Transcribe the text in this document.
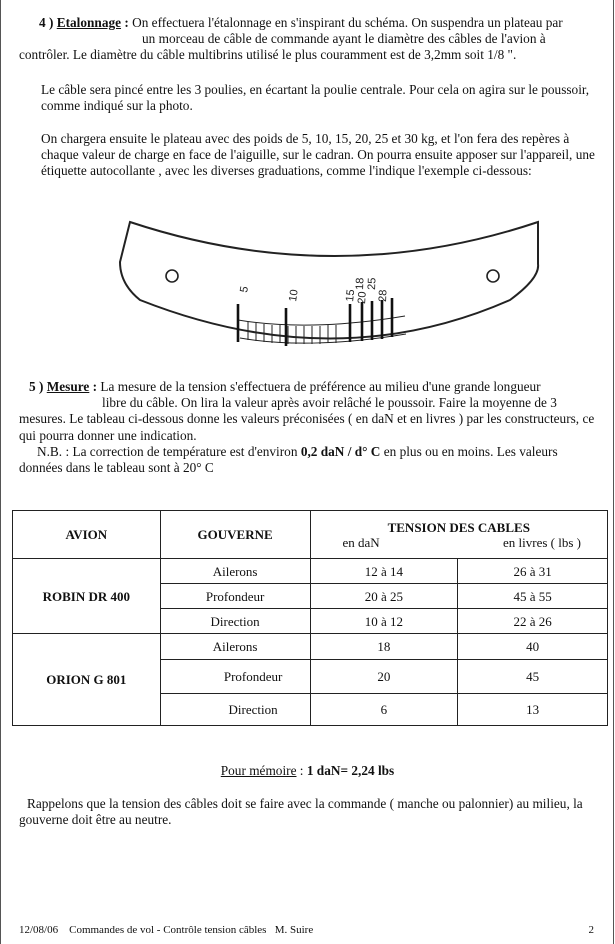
4 ) Etalonnage : On effectuera l'étalonnage en s'inspirant du schéma. On suspendra un plateau par
un morceau de câble de commande ayant le diamètre des câbles de l'avion à
contrôler. Le diamètre du câble multibrins utilisé le plus couramment est de 3,2mm soit 1/8 ".
Le câble sera pincé entre les 3 poulies, en écartant la poulie centrale. Pour cela on agira sur le poussoir, comme indiqué sur la photo.
On chargera ensuite le plateau avec des poids de 5, 10, 15, 20, 25 et 30 kg, et l'on fera des repères à chaque valeur de charge en face de l'aiguille, sur le cadran. On pourra ensuite apposer sur l'appareil, une étiquette autocollante , avec les diverses graduations, comme l'indique l'exemple ci-dessous:
5	10	15
20
18 25
28
5 ) Mesure : La mesure de la tension s'effectuera de préférence au milieu d'une grande longueur
libre du câble. On lira la valeur après avoir relâché le poussoir. Faire la moyenne de 3
mesures. Le tableau ci-dessous donne les valeurs préconisées ( en daN et en livres ) par les constructeurs, ce qui pourra donner une indication.
N.B. : La correction de température est d'environ 0,2 daN / d° C en plus ou en moins. Les valeurs données dans le tableau sont à 20° C
AVION	GOUVERNE	TENSION DES CABLES
en daN en livres ( lbs )	

ROBIN DR 400	Ailerons	12 à 14	26 à 31
	Profondeur	20 à 25	45 à 55
	Direction	10 à 12	22 à 26
ORION G 801	Ailerons	18	40
	Profondeur	20	45
	Direction	6	13
Pour mémoire : 1 daN= 2,24 lbs
Rappelons que la tension des câbles doit se faire avec la commande ( manche ou palonnier) au milieu, la gouverne doit être au neutre.
12/08/06    Commandes de vol - Contrôle tension câbles   M. Suire	2
